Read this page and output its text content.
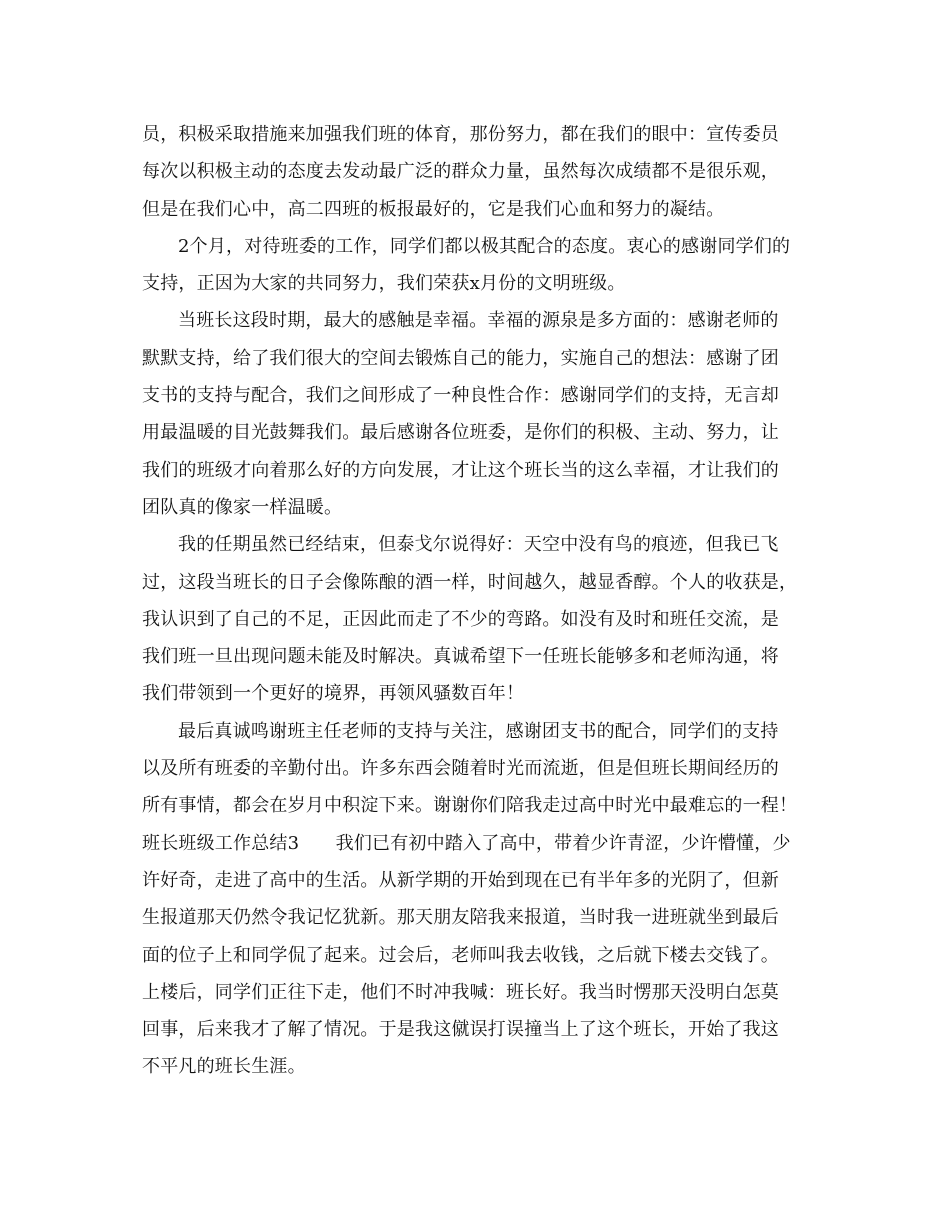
员，积极采取措施来加强我们班的体育，那份努力，都在我们的眼中：宣传委员
每次以积极主动的态度去发动最广泛的群众力量，虽然每次成绩都不是很乐观，
但是在我们心中，高二四班的板报最好的，它是我们心血和努力的凝结。
2个月，对待班委的工作，同学们都以极其配合的态度。衷心的感谢同学们的
支持，正因为大家的共同努力，我们荣获x月份的文明班级。
当班长这段时期，最大的感触是幸福。幸福的源泉是多方面的：感谢老师的
默默支持，给了我们很大的空间去锻炼自己的能力，实施自己的想法：感谢了团
支书的支持与配合，我们之间形成了一种良性合作：感谢同学们的支持，无言却
用最温暖的目光鼓舞我们。最后感谢各位班委，是你们的积极、主动、努力，让
我们的班级才向着那么好的方向发展，才让这个班长当的这么幸福，才让我们的
团队真的像家一样温暖。
我的任期虽然已经结束，但泰戈尔说得好：天空中没有鸟的痕迹，但我已飞
过，这段当班长的日子会像陈酿的酒一样，时间越久，越显香醇。个人的收获是，
我认识到了自己的不足，正因此而走了不少的弯路。如没有及时和班任交流，是
我们班一旦出现问题未能及时解决。真诚希望下一任班长能够多和老师沟通，将
我们带领到一个更好的境界，再领风骚数百年！
最后真诚鸣谢班主任老师的支持与关注，感谢团支书的配合，同学们的支持
以及所有班委的辛勤付出。许多东西会随着时光而流逝，但是但班长期间经历的
所有事情，都会在岁月中积淀下来。谢谢你们陪我走过高中时光中最难忘的一程！
班长班级工作总结3　　我们已有初中踏入了高中，带着少许青涩，少许懵懂，少
许好奇，走进了高中的生活。从新学期的开始到现在已有半年多的光阴了，但新
生报道那天仍然令我记忆犹新。那天朋友陪我来报道，当时我一进班就坐到最后
面的位子上和同学侃了起来。过会后，老师叫我去收钱，之后就下楼去交钱了。
上楼后，同学们正往下走，他们不时冲我喊：班长好。我当时愣那天没明白怎莫
回事，后来我才了解了情况。于是我这僦误打误撞当上了这个班长，开始了我这
不平凡的班长生涯。
